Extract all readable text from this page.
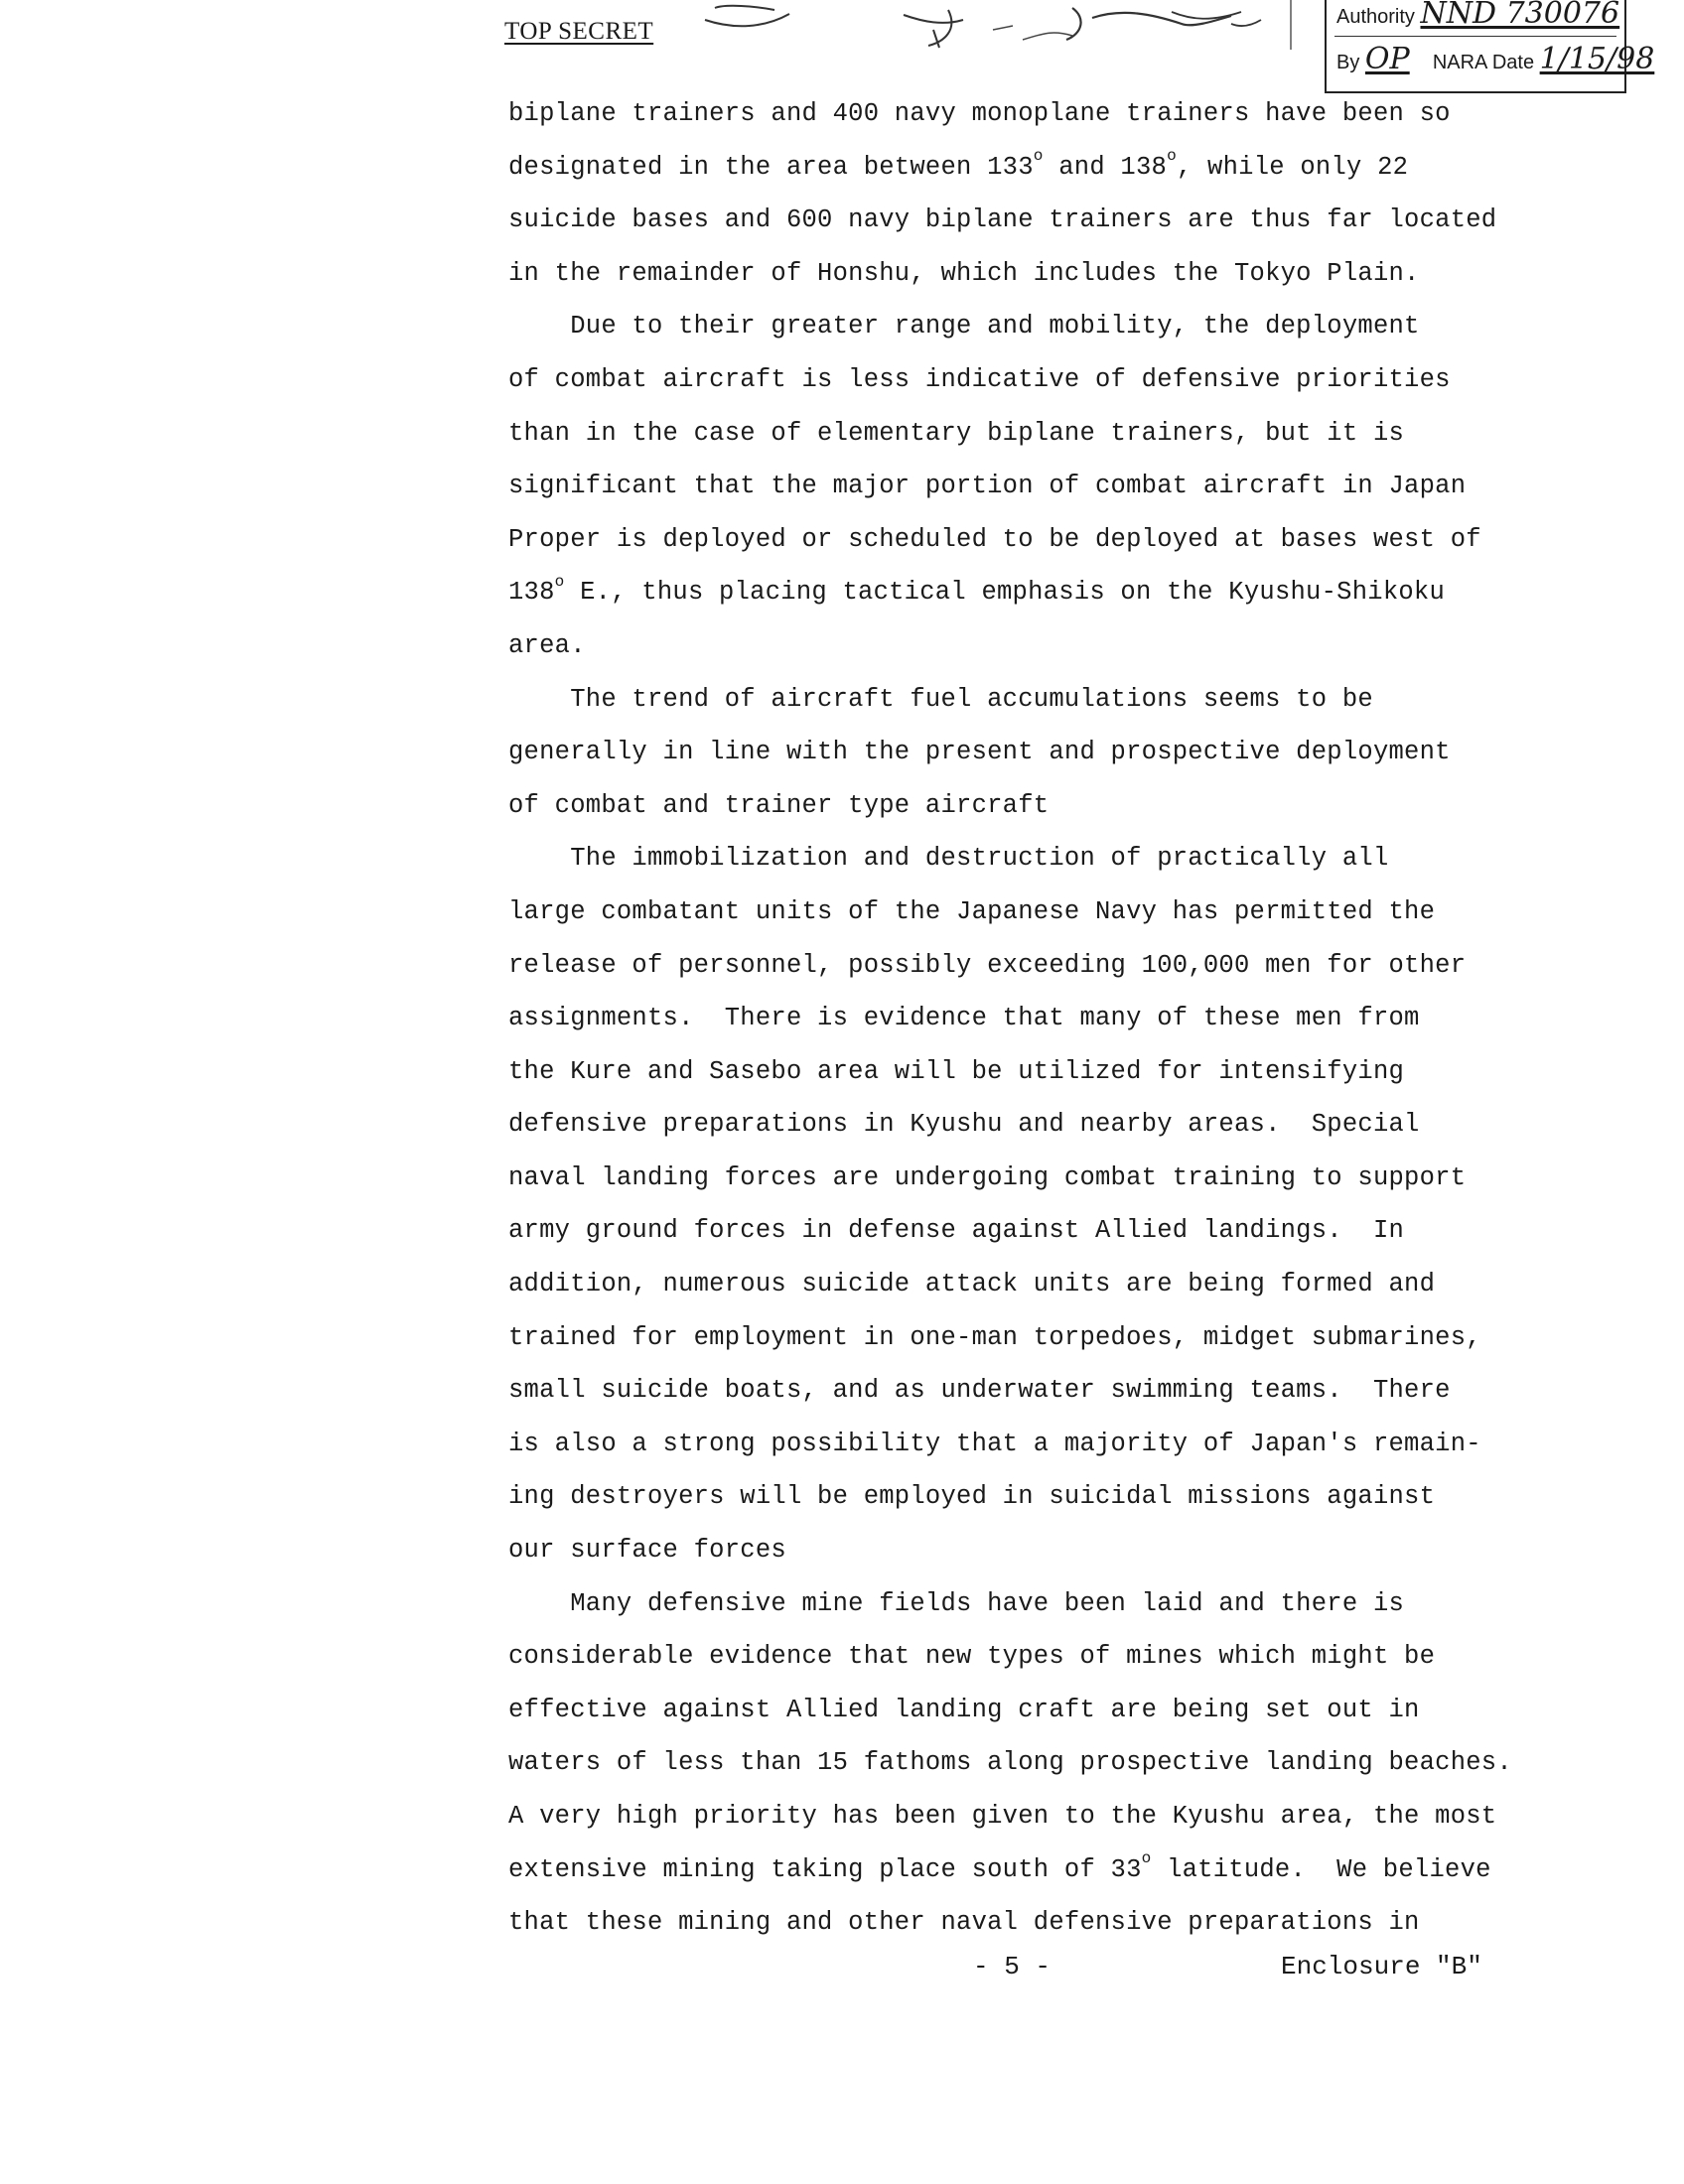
TOP SECRET
Authority NND 730076
By OP NARA Date 1/15/98
biplane trainers and 400 navy monoplane trainers have been so
designated in the area between 133$^o$ and 138$^o$, while only 22
suicide bases and 600 navy biplane trainers are thus far located
in the remainder of Honshu, which includes the Tokyo Plain.
Due to their greater range and mobility, the deployment
of combat aircraft is less indicative of defensive priorities
than in the case of elementary biplane trainers, but it is
significant that the major portion of combat aircraft in Japan
Proper is deployed or scheduled to be deployed at bases west of
138$^o$ E., thus placing tactical emphasis on the Kyushu-Shikoku
area.
The trend of aircraft fuel accumulations seems to be
generally in line with the present and prospective deployment
of combat and trainer type aircraft
The immobilization and destruction of practically all
large combatant units of the Japanese Navy has permitted the
release of personnel, possibly exceeding 100,000 men for other
assignments.  There is evidence that many of these men from
the Kure and Sasebo area will be utilized for intensifying
defensive preparations in Kyushu and nearby areas.  Special
naval landing forces are undergoing combat training to support
army ground forces in defense against Allied landings.  In
addition, numerous suicide attack units are being formed and
trained for employment in one-man torpedoes, midget submarines,
small suicide boats, and as underwater swimming teams.  There
is also a strong possibility that a majority of Japan's remain-
ing destroyers will be employed in suicidal missions against
our surface forces
Many defensive mine fields have been laid and there is
considerable evidence that new types of mines which might be
effective against Allied landing craft are being set out in
waters of less than 15 fathoms along prospective landing beaches.
A very high priority has been given to the Kyushu area, the most
extensive mining taking place south of 33$^o$ latitude.  We believe
that these mining and other naval defensive preparations in
- 5 -	Enclosure "B"
